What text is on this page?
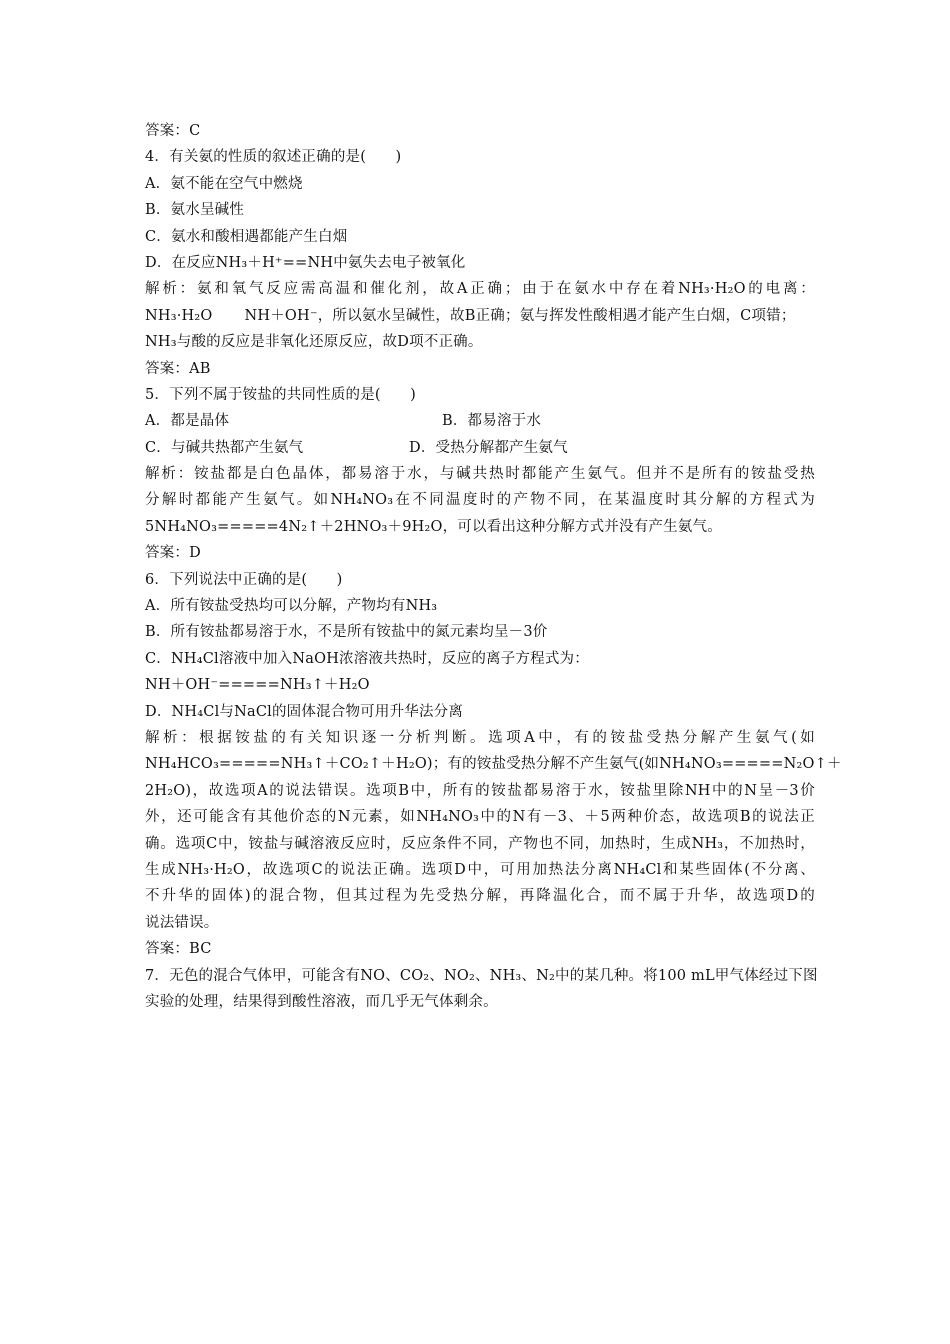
答案：C
4．有关氨的性质的叙述正确的是(　　)
A．氨不能在空气中燃烧
B．氨水呈碱性
C．氨水和酸相遇都能产生白烟
D．在反应NH₃＋H⁺==NH中氨失去电子被氧化
解析：氨和氧气反应需高温和催化剂，故A正确；由于在氨水中存在着NH₃·H₂O的电离：
NH₃·H₂O NH＋OH⁻，所以氨水呈碱性，故B正确；氨与挥发性酸相遇才能产生白烟，C项错；
NH₃与酸的反应是非氧化还原反应，故D项不正确。
答案：AB
5．下列不属于铵盐的共同性质的是(　　)
A．都是晶体	B．都易溶于水
C．与碱共热都产生氨气	D．受热分解都产生氨气
解析：铵盐都是白色晶体，都易溶于水，与碱共热时都能产生氨气。但并不是所有的铵盐受热
分解时都能产生氨气。如NH₄NO₃在不同温度时的产物不同，在某温度时其分解的方程式为
5NH₄NO₃=====4N₂↑＋2HNO₃＋9H₂O，可以看出这种分解方式并没有产生氨气。
答案：D
6．下列说法中正确的是(　　)
A．所有铵盐受热均可以分解，产物均有NH₃
B．所有铵盐都易溶于水，不是所有铵盐中的氮元素均呈－3价
C．NH₄Cl溶液中加入NaOH浓溶液共热时，反应的离子方程式为：
NH＋OH⁻=====NH₃↑＋H₂O
D．NH₄Cl与NaCl的固体混合物可用升华法分离
解析：根据铵盐的有关知识逐一分析判断。选项A中，有的铵盐受热分解产生氨气(如
NH₄HCO₃=====NH₃↑＋CO₂↑＋H₂O)；有的铵盐受热分解不产生氨气(如NH₄NO₃=====N₂O↑＋
2H₂O)，故选项A的说法错误。选项B中，所有的铵盐都易溶于水，铵盐里除NH中的N呈－3价
外，还可能含有其他价态的N元素，如NH₄NO₃中的N有－3、＋5两种价态，故选项B的说法正
确。选项C中，铵盐与碱溶液反应时，反应条件不同，产物也不同，加热时，生成NH₃，不加热时，
生成NH₃·H₂O，故选项C的说法正确。选项D中，可用加热法分离NH₄Cl和某些固体(不分离、
不升华的固体)的混合物，但其过程为先受热分解，再降温化合，而不属于升华，故选项D的
说法错误。
答案：BC
7．无色的混合气体甲，可能含有NO、CO₂、NO₂、NH₃、N₂中的某几种。将100 mL甲气体经过下图
实验的处理，结果得到酸性溶液，而几乎无气体剩余。
